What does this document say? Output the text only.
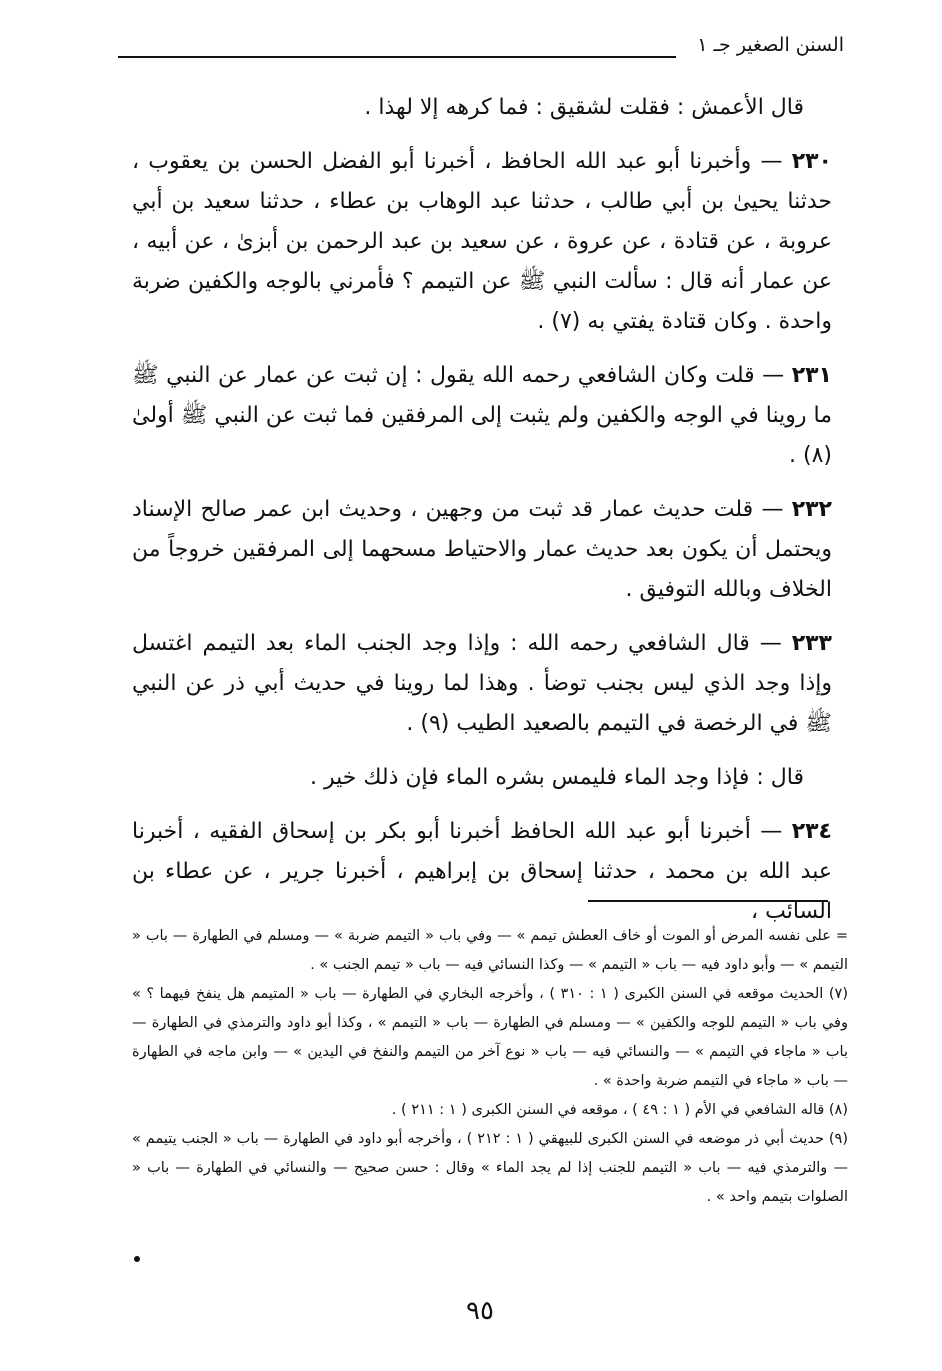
السنن الصغير جـ ١

قال الأعمش : فقلت لشقيق : فما كرهه إلا لهذا .

٢٣٠ — وأخبرنا أبو عبد الله الحافظ ، أخبرنا أبو الفضل الحسن بن يعقوب ، حدثنا يحيىٰ بن أبي طالب ، حدثنا عبد الوهاب بن عطاء ، حدثنا سعيد بن أبي عروبة ، عن قتادة ، عن عروة ، عن سعيد بن عبد الرحمن بن أبزىٰ ، عن أبيه ، عن عمار أنه قال : سألت النبي ﷺ عن التيمم ؟ فأمرني بالوجه والكفين ضربة واحدة . وكان قتادة يفتي به (٧) .

٢٣١ — قلت وكان الشافعي رحمه الله يقول : إن ثبت عن عمار عن النبي ﷺ ما روينا في الوجه والكفين ولم يثبت إلى المرفقين فما ثبت عن النبي ﷺ أولىٰ (٨) .

٢٣٢ — قلت حديث عمار قد ثبت من وجهين ، وحديث ابن عمر صالح الإسناد ويحتمل أن يكون بعد حديث عمار والاحتياط مسحهما إلى المرفقين خروجاً من الخلاف وبالله التوفيق .

٢٣٣ — قال الشافعي رحمه الله : وإذا وجد الجنب الماء بعد التيمم اغتسل وإذا وجد الذي ليس بجنب توضأ . وهذا لما روينا في حديث أبي ذر عن النبي ﷺ في الرخصة في التيمم بالصعيد الطيب (٩) .

قال : فإذا وجد الماء فليمس بشره الماء فإن ذلك خير .

٢٣٤ — أخبرنا أبو عبد الله الحافظ أخبرنا أبو بكر بن إسحاق الفقيه ، أخبرنا عبد الله بن محمد ، حدثنا إسحاق بن إبراهيم ، أخبرنا جرير ، عن عطاء بن السائب ،

= على نفسه المرض أو الموت أو خاف العطش تيمم » — وفي باب « التيمم ضربة » — ومسلم في الطهارة — باب « التيمم » — وأبو داود فيه — باب « التيمم » — وكذا النسائي فيه — باب « تيمم الجنب » .

(٧) الحديث موقعه في السنن الكبرى ( ١ : ٣١٠ ) ، وأخرجه البخاري في الطهارة — باب « المتيمم هل ينفخ فيهما ؟ » وفي باب « التيمم للوجه والكفين » — ومسلم في الطهارة — باب « التيمم » ، وكذا أبو داود والترمذي في الطهارة — باب « ماجاء في التيمم » — والنسائي فيه — باب « نوع آخر من التيمم والنفخ في اليدين » — وابن ماجه في الطهارة — باب « ماجاء في التيمم ضربة واحدة » .

(٨) قاله الشافعي في الأم ( ١ : ٤٩ ) ، موقعه في السنن الكبرى ( ١ : ٢١١ ) .

(٩) حديث أبي ذر موضعه في السنن الكبرى للبيهقي ( ١ : ٢١٢ ) ، وأخرجه أبو داود في الطهارة — باب « الجنب يتيمم » — والترمذي فيه — باب « التيمم للجنب إذا لم يجد الماء » وقال : حسن صحيح — والنسائي في الطهارة — باب « الصلوات بتيمم واحد » .

٩٥
